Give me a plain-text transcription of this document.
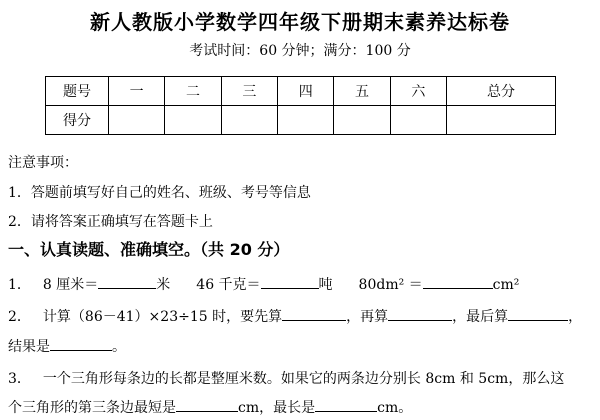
新人教版小学数学四年级下册期末素养达标卷
考试时间：60 分钟；满分：100 分
题号	一	二	三	四	五	六	总分
得分							
注意事项：
1．答题前填写好自己的姓名、班级、考号等信息
2．请将答案正确填写在答题卡上
一、认真读题、准确填空。（共 20 分）
1． 8 厘米＝	米 46 千克＝	吨 80dm² ＝	cm²
2． 计算（86－41）×23÷15 时，要先算	，再算	，最后算	，
结果是	。
3． 一个三角形每条边的长都是整厘米数。如果它的两条边分别长 8cm 和 5cm，那么这
个三角形的第三条边最短是	cm，最长是	cm。
